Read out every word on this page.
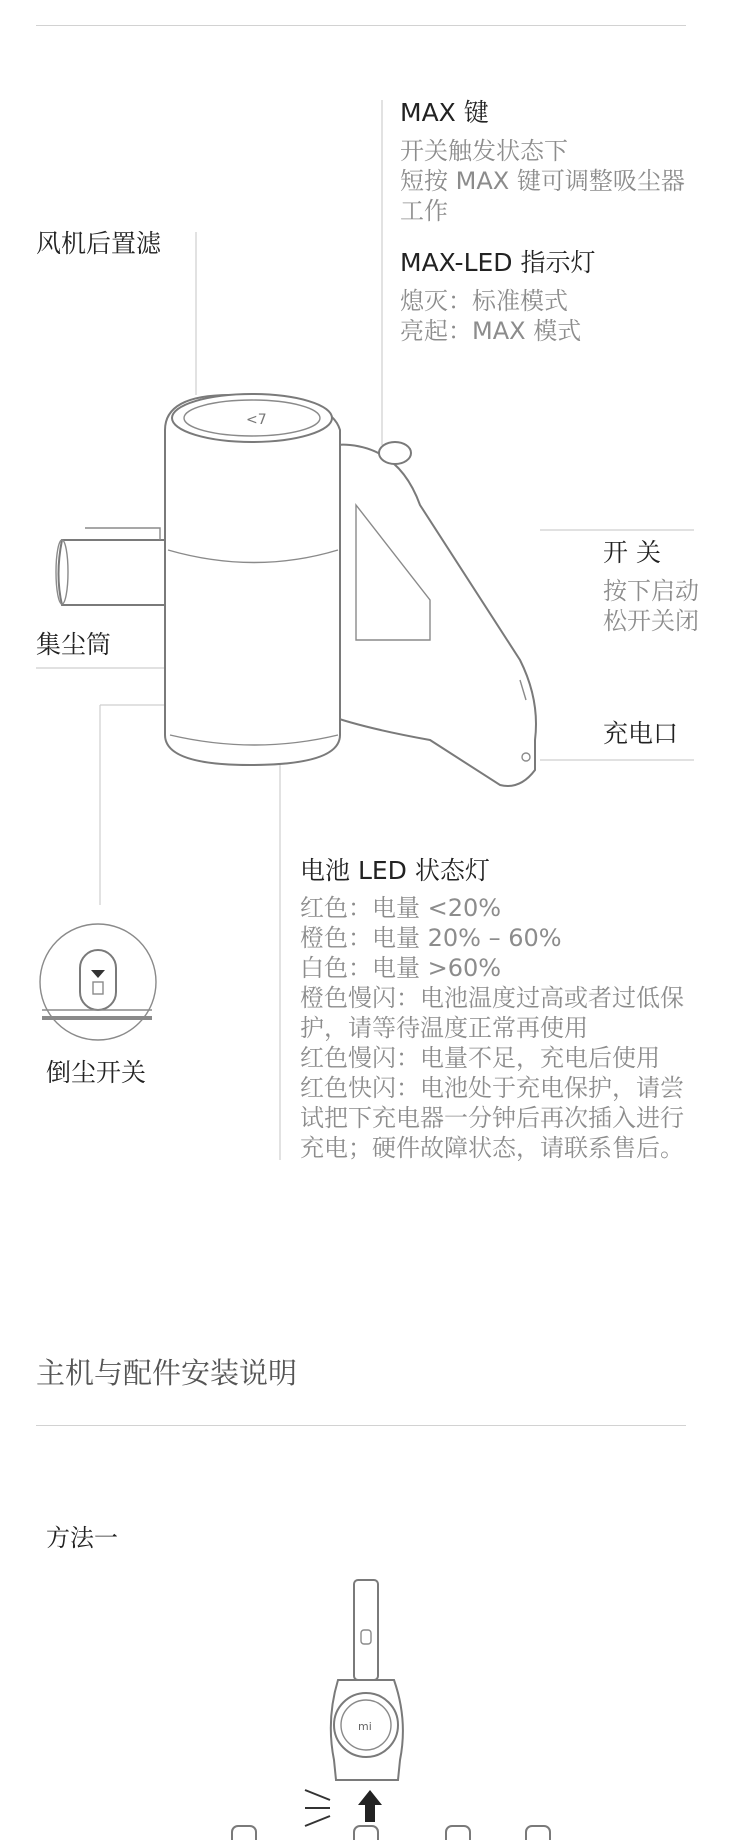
<7
MAX 键
开关触发状态下
短按 MAX 键可调整吸尘器
工作
MAX-LED 指示灯
熄灭：标准模式
亮起：MAX 模式
风机后置滤
开 关
按下启动
松开关闭
集尘筒
充电口
电池 LED 状态灯
红色：电量 <20%
橙色：电量 20% – 60%
白色：电量 >60%
橙色慢闪：电池温度过高或者过低保
护，请等待温度正常再使用
红色慢闪：电量不足，充电后使用
红色快闪：电池处于充电保护，请尝
试把下充电器一分钟后再次插入进行
充电；硬件故障状态，请联系售后。
倒尘开关
主机与配件安装说明
方法一
mi
